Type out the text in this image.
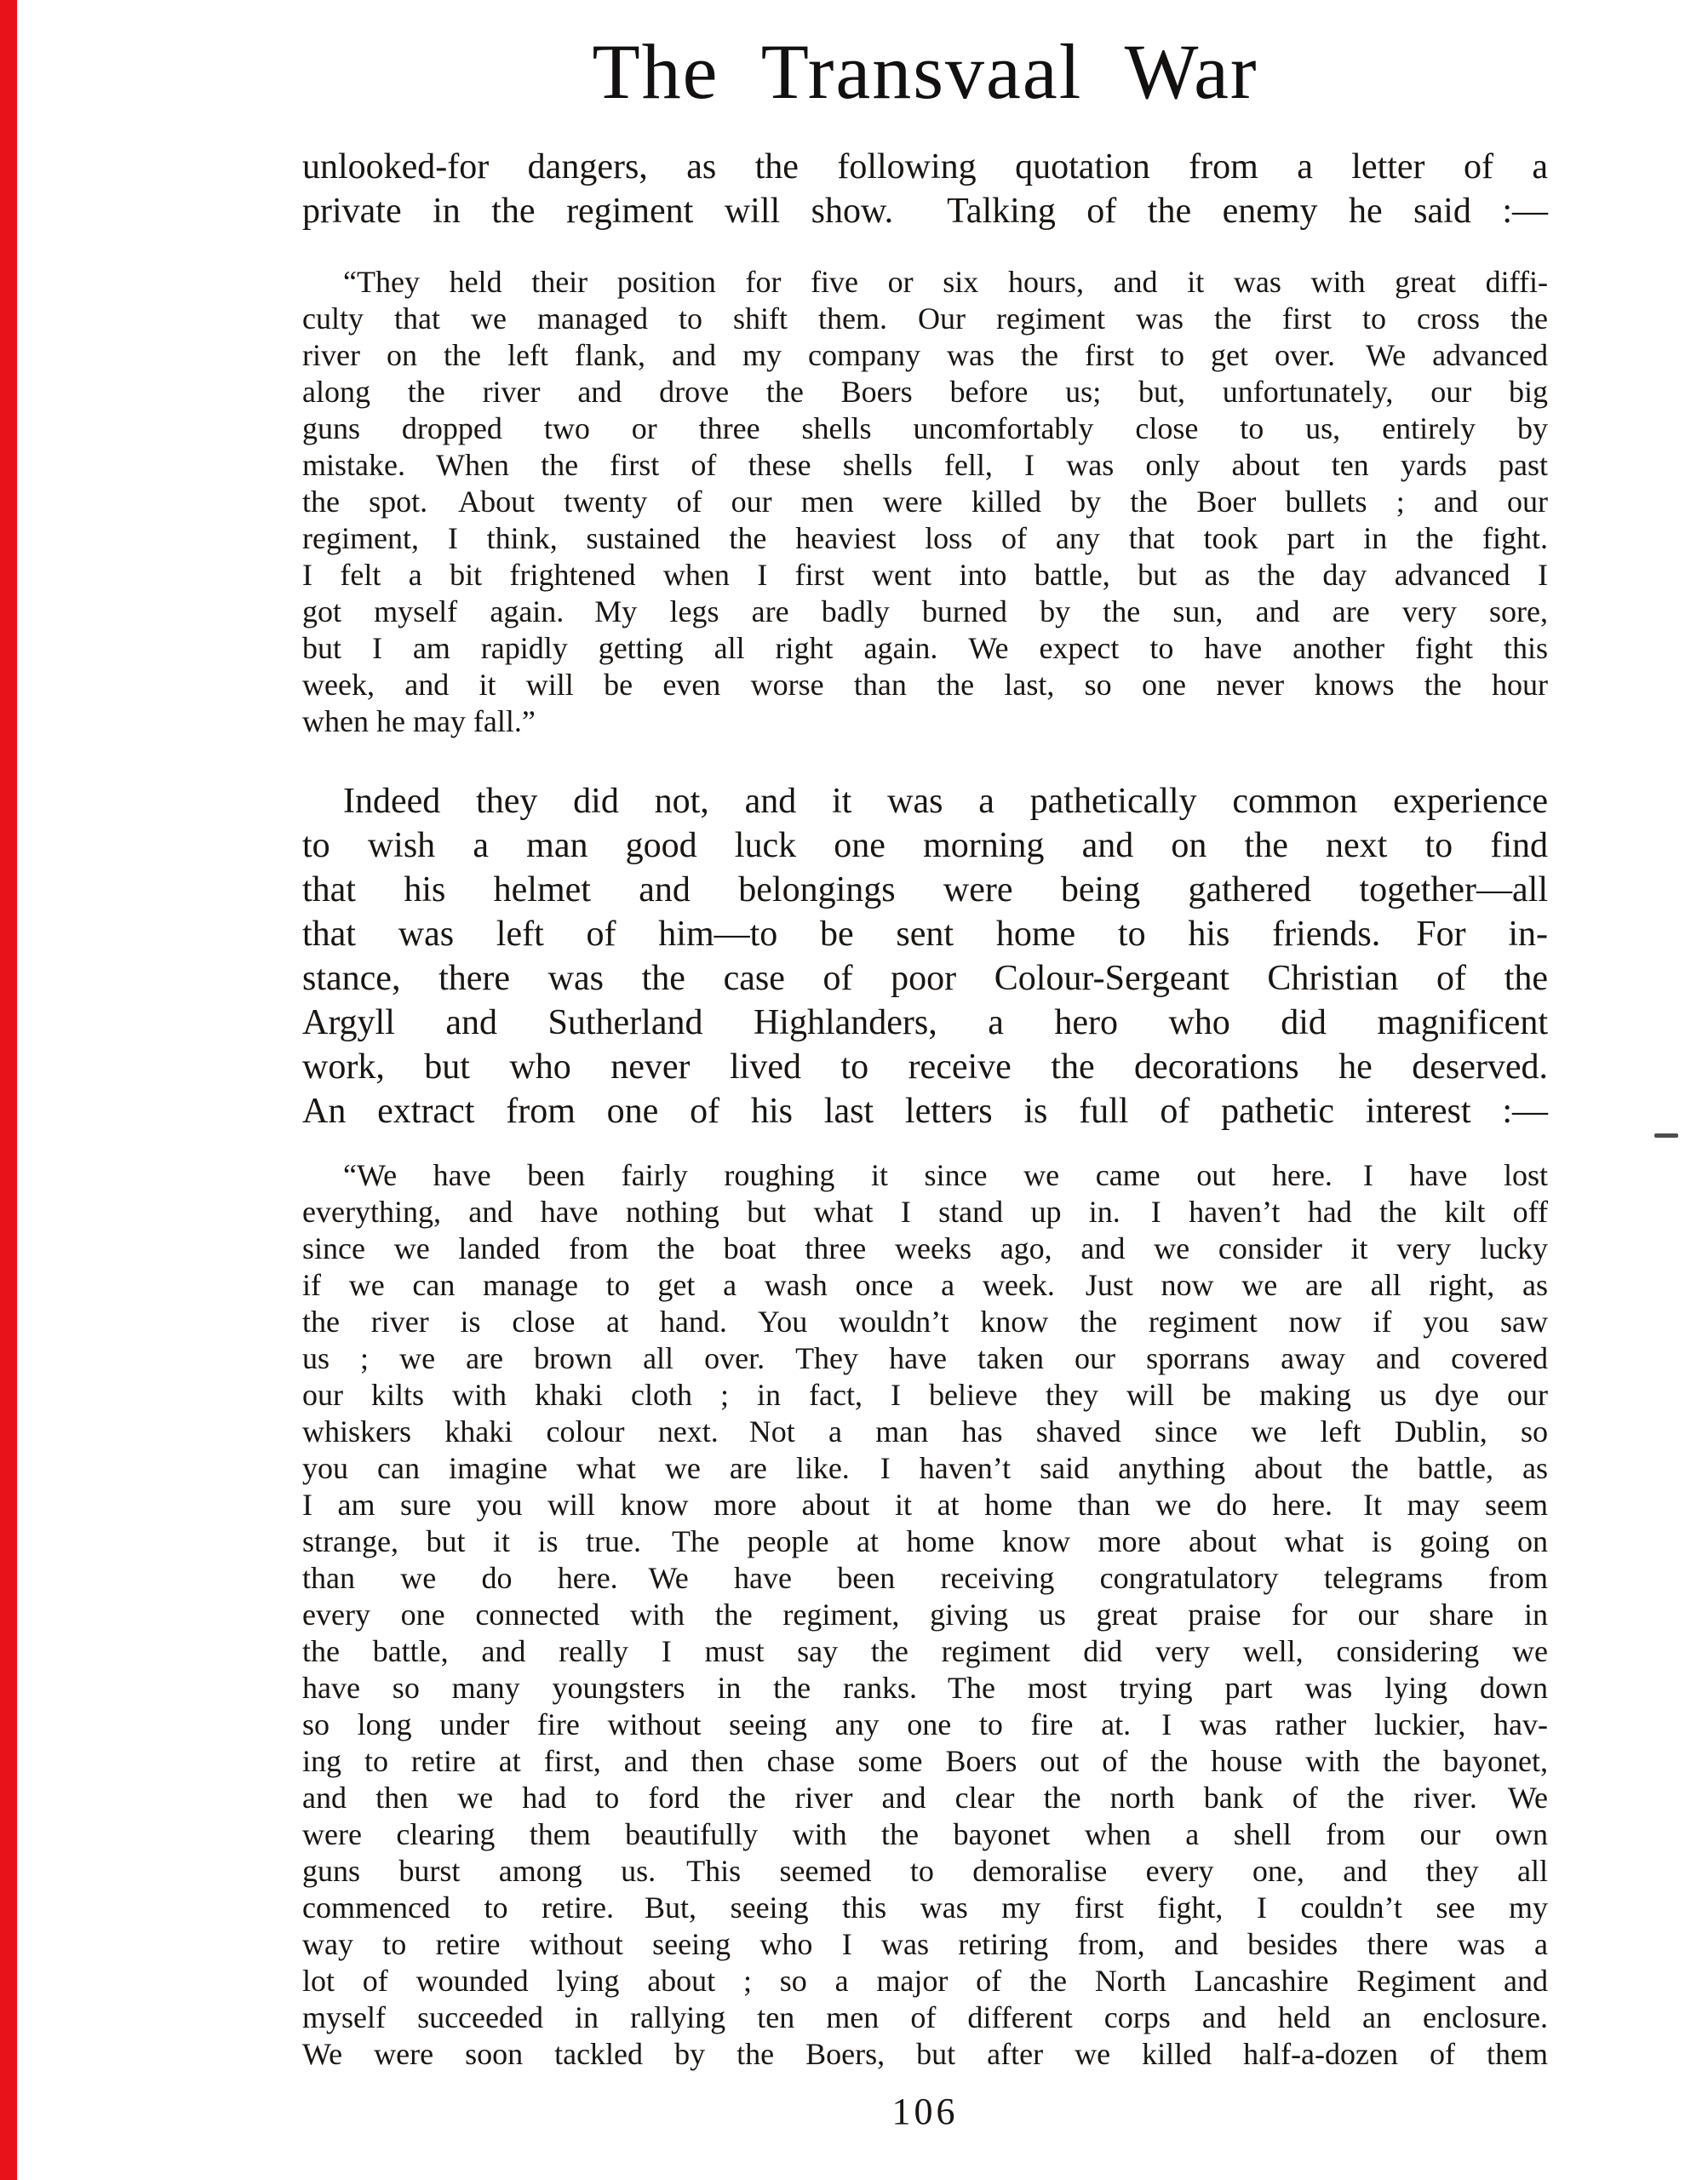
The Transvaal War
unlooked-for dangers, as the following quotation from a letter of a
private in the regiment will show.  Talking of the enemy he said :—
“They held their position for five or six hours, and it was with great diffi-
culty that we managed to shift them. Our regiment was the first to cross the
river on the left flank, and my company was the first to get over. We advanced
along the river and drove the Boers before us; but, unfortunately, our big
guns dropped two or three shells uncomfortably close to us, entirely by
mistake. When the first of these shells fell, I was only about ten yards past
the spot. About twenty of our men were killed by the Boer bullets ; and our
regiment, I think, sustained the heaviest loss of any that took part in the fight.
I felt a bit frightened when I first went into battle, but as the day advanced I
got myself again. My legs are badly burned by the sun, and are very sore,
but I am rapidly getting all right again. We expect to have another fight this
week, and it will be even worse than the last, so one never knows the hour
when he may fall.”
Indeed they did not, and it was a pathetically common experience
to wish a man good luck one morning and on the next to find
that his helmet and belongings were being gathered together—all
that was left of him—to be sent home to his friends. For in-
stance, there was the case of poor Colour-Sergeant Christian of the
Argyll and Sutherland Highlanders, a hero who did magnificent
work, but who never lived to receive the decorations he deserved.
An extract from one of his last letters is full of pathetic interest :—
“We have been fairly roughing it since we came out here. I have lost
everything, and have nothing but what I stand up in. I haven’t had the kilt off
since we landed from the boat three weeks ago, and we consider it very lucky
if we can manage to get a wash once a week. Just now we are all right, as
the river is close at hand. You wouldn’t know the regiment now if you saw
us ; we are brown all over. They have taken our sporrans away and covered
our kilts with khaki cloth ; in fact, I believe they will be making us dye our
whiskers khaki colour next. Not a man has shaved since we left Dublin, so
you can imagine what we are like. I haven’t said anything about the battle, as
I am sure you will know more about it at home than we do here. It may seem
strange, but it is true. The people at home know more about what is going on
than we do here. We have been receiving congratulatory telegrams from
every one connected with the regiment, giving us great praise for our share in
the battle, and really I must say the regiment did very well, considering we
have so many youngsters in the ranks. The most trying part was lying down
so long under fire without seeing any one to fire at. I was rather luckier, hav-
ing to retire at first, and then chase some Boers out of the house with the bayonet,
and then we had to ford the river and clear the north bank of the river. We
were clearing them beautifully with the bayonet when a shell from our own
guns burst among us. This seemed to demoralise every one, and they all
commenced to retire. But, seeing this was my first fight, I couldn’t see my
way to retire without seeing who I was retiring from, and besides there was a
lot of wounded lying about ; so a major of the North Lancashire Regiment and
myself succeeded in rallying ten men of different corps and held an enclosure.
We were soon tackled by the Boers, but after we killed half-a-dozen of them
106
